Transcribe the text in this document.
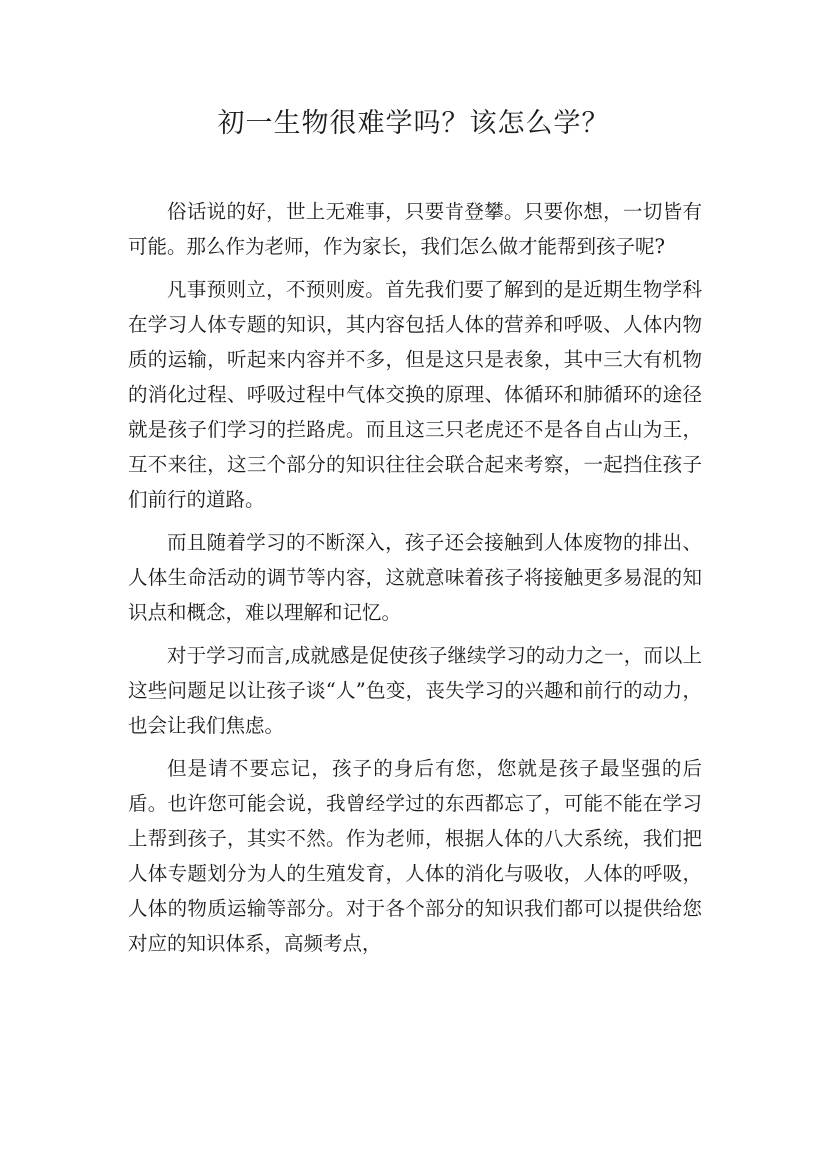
初一生物很难学吗？该怎么学？

俗话说的好，世上无难事，只要肯登攀。只要你想，一切皆有可能。那么作为老师，作为家长，我们怎么做才能帮到孩子呢?

凡事预则立，不预则废。首先我们要了解到的是近期生物学科在学习人体专题的知识，其内容包括人体的营养和呼吸、人体内物质的运输，听起来内容并不多，但是这只是表象，其中三大有机物的消化过程、呼吸过程中气体交换的原理、体循环和肺循环的途径就是孩子们学习的拦路虎。而且这三只老虎还不是各自占山为王，互不来往，这三个部分的知识往往会联合起来考察，一起挡住孩子们前行的道路。

而且随着学习的不断深入，孩子还会接触到人体废物的排出、人体生命活动的调节等内容，这就意味着孩子将接触更多易混的知识点和概念，难以理解和记忆。

对于学习而言,成就感是促使孩子继续学习的动力之一，而以上这些问题足以让孩子谈“人”色变，丧失学习的兴趣和前行的动力，也会让我们焦虑。

但是请不要忘记，孩子的身后有您，您就是孩子最坚强的后盾。也许您可能会说，我曾经学过的东西都忘了，可能不能在学习上帮到孩子，其实不然。作为老师，根据人体的八大系统，我们把人体专题划分为人的生殖发育，人体的消化与吸收，人体的呼吸，人体的物质运输等部分。对于各个部分的知识我们都可以提供给您对应的知识体系，高频考点，
